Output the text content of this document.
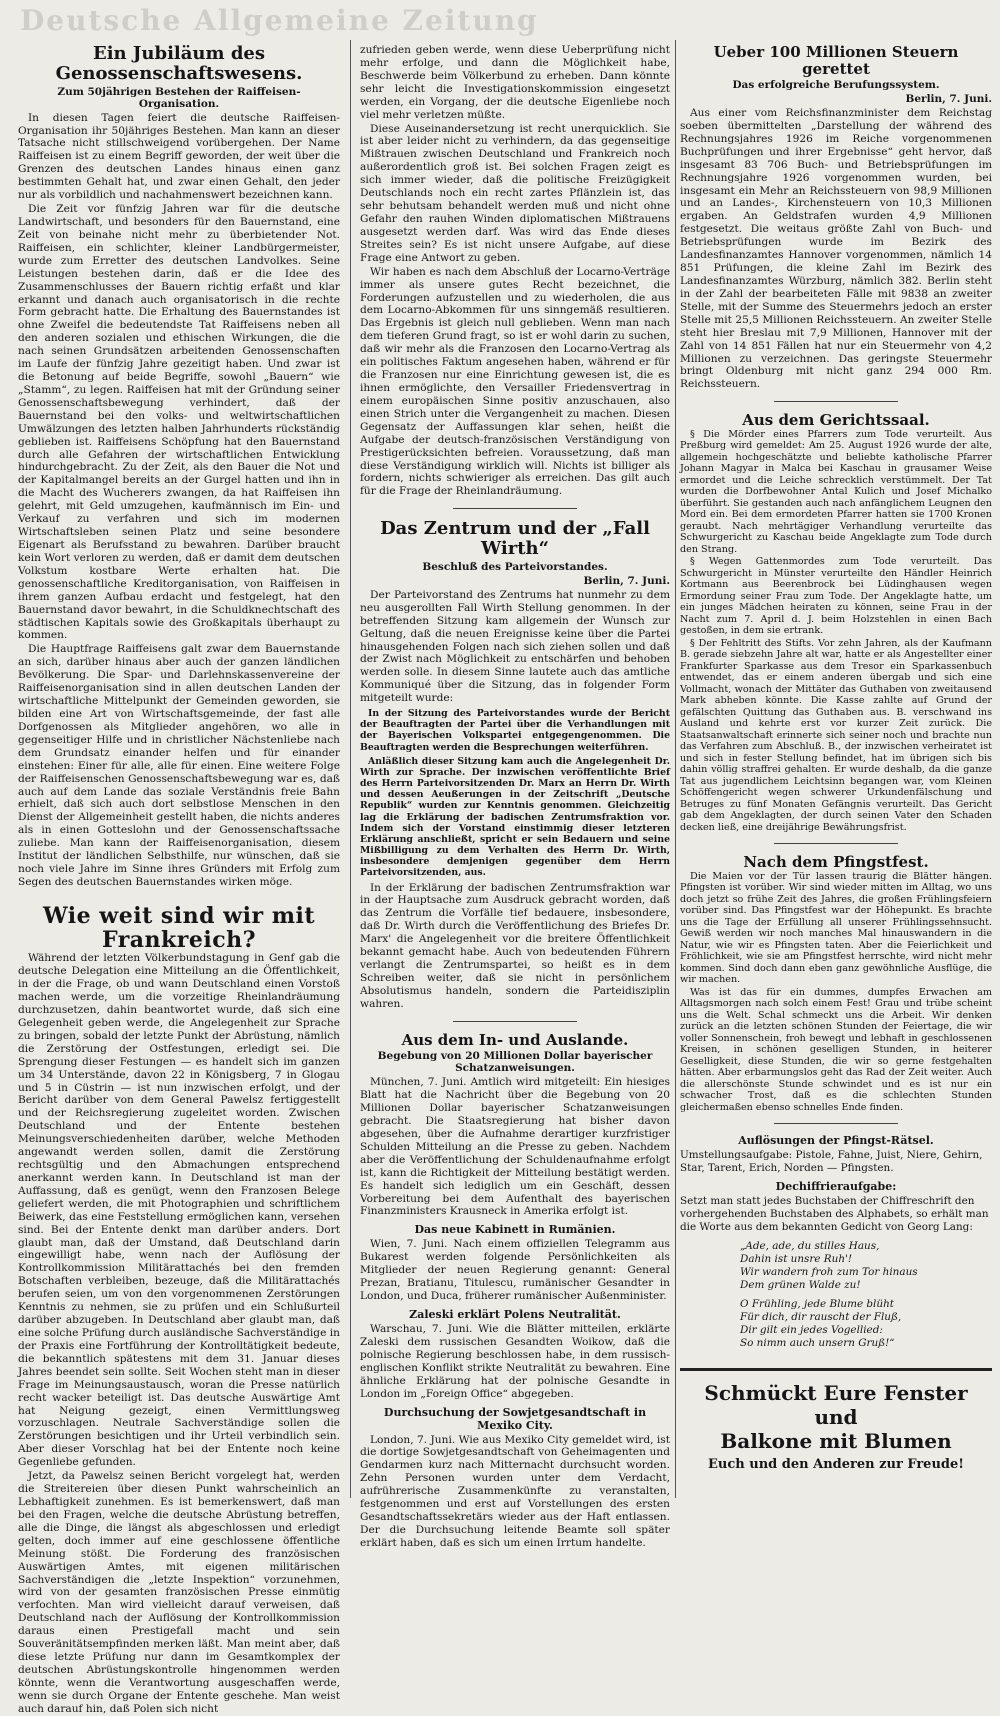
Deutsche Allgemeine Zeitung
Ein Jubiläum des Genossenschaftswesens.
Zum 50jährigen Bestehen der Raiffeisen-Organisation.

In diesen Tagen feiert die deutsche Raiffeisen-Organisation ihr 50jähriges Bestehen. Man kann an dieser Tatsache nicht stillschweigend vorübergehen. Der Name Raiffeisen ist zu einem Begriff geworden, der weit über die Grenzen des deutschen Landes hinaus einen ganz bestimmten Gehalt hat, und zwar einen Gehalt, den jeder nur als vorbildlich und nachahmenswert bezeichnen kann.

Die Zeit vor fünfzig Jahren war für die deutsche Landwirtschaft, und besonders für den Bauernstand, eine Zeit von beinahe nicht mehr zu überbietender Not. Raiffeisen, ein schlichter, kleiner Landbürgermeister, wurde zum Erretter des deutschen Landvolkes. Seine Leistungen bestehen darin, daß er die Idee des Zusammenschlusses der Bauern richtig erfaßt und klar erkannt und danach auch organisatorisch in die rechte Form gebracht hatte. Die Erhaltung des Bauernstandes ist ohne Zweifel die bedeutendste Tat Raiffeisens neben all den anderen sozialen und ethischen Wirkungen, die die nach seinen Grundsätzen arbeitenden Genossenschaften im Laufe der fünfzig Jahre gezeitigt haben. Und zwar ist die Betonung auf beide Begriffe, sowohl „Bauern“ wie „Stamm“, zu legen. Raiffeisen hat mit der Gründung seiner Genossenschaftsbewegung verhindert, daß der Bauernstand bei den volks- und weltwirtschaftlichen Umwälzungen des letzten halben Jahrhunderts rückständig geblieben ist. Raiffeisens Schöpfung hat den Bauernstand durch alle Gefahren der wirtschaftlichen Entwicklung hindurchgebracht. Zu der Zeit, als den Bauer die Not und der Kapitalmangel bereits an der Gurgel hatten und ihn in die Macht des Wucherers zwangen, da hat Raiffeisen ihn gelehrt, mit Geld umzugehen, kaufmännisch im Ein- und Verkauf zu verfahren und sich im modernen Wirtschaftsleben seinen Platz und seine besondere Eigenart als Berufsstand zu bewahren. Darüber braucht kein Wort verloren zu werden, daß er damit dem deutschen Volkstum kostbare Werte erhalten hat. Die genossenschaftliche Kreditorganisation, von Raiffeisen in ihrem ganzen Aufbau erdacht und festgelegt, hat den Bauernstand davor bewahrt, in die Schuldknechtschaft des städtischen Kapitals sowie des Großkapitals überhaupt zu kommen.

Die Hauptfrage Raiffeisens galt zwar dem Bauernstande an sich, darüber hinaus aber auch der ganzen ländlichen Bevölkerung. Die Spar- und Darlehnskassenvereine der Raiffeisenorganisation sind in allen deutschen Landen der wirtschaftliche Mittelpunkt der Gemeinden geworden, sie bilden eine Art von Wirtschaftsgemeinde, der fast alle Dorfgenossen als Mitglieder angehören, wo alle in gegenseitiger Hilfe und in christlicher Nächstenliebe nach dem Grundsatz einander helfen und für einander einstehen: Einer für alle, alle für einen. Eine weitere Folge der Raiffeisenschen Genossenschaftsbewegung war es, daß auch auf dem Lande das soziale Verständnis freie Bahn erhielt, daß sich auch dort selbstlose Menschen in den Dienst der Allgemeinheit gestellt haben, die nichts anderes als in einen Gotteslohn und der Genossenschaftssache zuliebe. Man kann der Raiffeisenorganisation, diesem Institut der ländlichen Selbsthilfe, nur wünschen, daß sie noch viele Jahre im Sinne ihres Gründers mit Erfolg zum Segen des deutschen Bauernstandes wirken möge.

Wie weit sind wir mit Frankreich?

Während der letzten Völkerbundstagung in Genf gab die deutsche Delegation eine Mitteilung an die Öffentlichkeit, in der die Frage, ob und wann Deutschland einen Vorstoß machen werde, um die vorzeitige Rheinlandräumung durchzusetzen, dahin beantwortet wurde, daß sich eine Gelegenheit geben werde, die Angelegenheit zur Sprache zu bringen, sobald der letzte Punkt der Abrüstung, nämlich die Zerstörung der Ostfestungen, erledigt sei. Die Sprengung dieser Festungen — es handelt sich im ganzen um 34 Unterstände, davon 22 in Königsberg, 7 in Glogau und 5 in Cüstrin — ist nun inzwischen erfolgt, und der Bericht darüber von dem General Pawelsz fertiggestellt und der Reichsregierung zugeleitet worden. Zwischen Deutschland und der Entente bestehen Meinungsverschiedenheiten darüber, welche Methoden angewandt werden sollen, damit die Zerstörung rechtsgültig und den Abmachungen entsprechend anerkannt werden kann. In Deutschland ist man der Auffassung, daß es genügt, wenn den Franzosen Belege geliefert werden, die mit Photographien und schriftlichem Beiwerk, das eine Feststellung ermöglichen kann, versehen sind. Bei der Entente denkt man darüber anders. Dort glaubt man, daß der Umstand, daß Deutschland darin eingewilligt habe, wenn nach der Auflösung der Kontrollkommission Militärattachés bei den fremden Botschaften verbleiben, bezeuge, daß die Militärattachés berufen seien, um von den vorgenommenen Zerstörungen Kenntnis zu nehmen, sie zu prüfen und ein Schlußurteil darüber abzugeben. In Deutschland aber glaubt man, daß eine solche Prüfung durch ausländische Sachverständige in der Praxis eine Fortführung der Kontrolltätigkeit bedeute, die bekanntlich spätestens mit dem 31. Januar dieses Jahres beendet sein sollte. Seit Wochen steht man in dieser Frage im Meinungsaustausch, woran die Presse natürlich recht wacker beteiligt ist. Das deutsche Auswärtige Amt hat Neigung gezeigt, einen Vermittlungsweg vorzuschlagen. Neutrale Sachverständige sollen die Zerstörungen besichtigen und ihr Urteil verbindlich sein. Aber dieser Vorschlag hat bei der Entente noch keine Gegenliebe gefunden.

Jetzt, da Pawelsz seinen Bericht vorgelegt hat, werden die Streitereien über diesen Punkt wahrscheinlich an Lebhaftigkeit zunehmen. Es ist bemerkenswert, daß man bei den Fragen, welche die deutsche Abrüstung betreffen, alle die Dinge, die längst als abgeschlossen und erledigt gelten, doch immer auf eine geschlossene öffentliche Meinung stößt. Die Forderung des französischen Auswärtigen Amtes, mit eigenen militärischen Sachverständigen die „letzte Inspektion“ vorzunehmen, wird von der gesamten französischen Presse einmütig verfochten. Man wird vielleicht darauf verweisen, daß Deutschland nach der Auflösung der Kontrollkommission daraus einen Prestigefall macht und sein Souveränitätsempfinden merken läßt. Man meint aber, daß diese letzte Prüfung nur dann im Gesamtkomplex der deutschen Abrüstungskontrolle hingenommen werden könnte, wenn die Verantwortung ausgeschaffen werde, wenn sie durch Organe der Entente geschehe. Man weist auch darauf hin, daß Polen sich nicht

zufrieden geben werde, wenn diese Ueberprüfung nicht mehr erfolge, und dann die Möglichkeit habe, Beschwerde beim Völkerbund zu erheben. Dann könnte sehr leicht die Investigationskommission eingesetzt werden, ein Vorgang, der die deutsche Eigenliebe noch viel mehr verletzen müßte.

Diese Auseinandersetzung ist recht unerquicklich. Sie ist aber leider nicht zu verhindern, da das gegenseitige Mißtrauen zwischen Deutschland und Frankreich noch außerordentlich groß ist. Bei solchen Fragen zeigt es sich immer wieder, daß die politische Freizügigkeit Deutschlands noch ein recht zartes Pflänzlein ist, das sehr behutsam behandelt werden muß und nicht ohne Gefahr den rauhen Winden diplomatischen Mißtrauens ausgesetzt werden darf. Was wird das Ende dieses Streites sein? Es ist nicht unsere Aufgabe, auf diese Frage eine Antwort zu geben.

Wir haben es nach dem Abschluß der Locarno-Verträge immer als unsere gutes Recht bezeichnet, die Forderungen aufzustellen und zu wiederholen, die aus dem Locarno-Abkommen für uns sinngemäß resultieren. Das Ergebnis ist gleich null geblieben. Wenn man nach dem tieferen Grund fragt, so ist er wohl darin zu suchen, daß wir mehr als die Franzosen den Locarno-Vertrag als ein politisches Faktum angesehen haben, während er für die Franzosen nur eine Einrichtung gewesen ist, die es ihnen ermöglichte, den Versailler Friedensvertrag in einem europäischen Sinne positiv anzuschauen, also einen Strich unter die Vergangenheit zu machen. Diesen Gegensatz der Auffassungen klar sehen, heißt die Aufgabe der deutsch-französischen Verständigung von Prestigerücksichten befreien. Voraussetzung, daß man diese Verständigung wirklich will. Nichts ist billiger als fordern, nichts schwieriger als erreichen. Das gilt auch für die Frage der Rheinlandräumung.

Das Zentrum und der „Fall Wirth“
Beschluß des Parteivorstandes.
Berlin, 7. Juni.

Der Parteivorstand des Zentrums hat nunmehr zu dem neu ausgerollten Fall Wirth Stellung genommen. In der betreffenden Sitzung kam allgemein der Wunsch zur Geltung, daß die neuen Ereignisse keine über die Partei hinausgehenden Folgen nach sich ziehen sollen und daß der Zwist nach Möglichkeit zu entschärfen und behoben werden solle. In diesem Sinne lautete auch das amtliche Kommuniqué über die Sitzung, das in folgender Form mitgeteilt wurde:

In der Sitzung des Parteivorstandes wurde der Bericht der Beauftragten der Partei über die Verhandlungen mit der Bayerischen Volkspartei entgegengenommen. Die Beauftragten werden die Besprechungen weiterführen.
Anläßlich dieser Sitzung kam auch die Angelegenheit Dr. Wirth zur Sprache. Der inzwischen veröffentlichte Brief des Herrn Parteivorsitzenden Dr. Marx an Herrn Dr. Wirth und dessen Aeußerungen in der Zeitschrift „Deutsche Republik“ wurden zur Kenntnis genommen. Gleichzeitig lag die Erklärung der badischen Zentrumsfraktion vor. Indem sich der Vorstand einstimmig dieser letzteren Erklärung anschließt, spricht er sein Bedauern und seine Mißbilligung zu dem Verhalten des Herrn Dr. Wirth, insbesondere demjenigen gegenüber dem Herrn Parteivorsitzenden, aus.

In der Erklärung der badischen Zentrumsfraktion war in der Hauptsache zum Ausdruck gebracht worden, daß das Zentrum die Vorfälle tief bedauere, insbesondere, daß Dr. Wirth durch die Veröffentlichung des Briefes Dr. Marx' die Angelegenheit vor die breitere Öffentlichkeit bekannt gemacht habe. Auch von bedeutenden Führern verlangt die Zentrumspartei, so heißt es in dem Schreiben weiter, daß sie nicht in persönlichem Absolutismus handeln, sondern die Parteidisziplin wahren.

Aus dem In- und Auslande.
Begebung von 20 Millionen Dollar bayerischer Schatzanweisungen.

München, 7. Juni. Amtlich wird mitgeteilt: Ein hiesiges Blatt hat die Nachricht über die Begebung von 20 Millionen Dollar bayerischer Schatzanweisungen gebracht. Die Staatsregierung hat bisher davon abgesehen, über die Aufnahme derartiger kurzfristiger Schulden Mitteilung an die Presse zu geben. Nachdem aber die Veröffentlichung der Schuldenaufnahme erfolgt ist, kann die Richtigkeit der Mitteilung bestätigt werden. Es handelt sich lediglich um ein Geschäft, dessen Vorbereitung bei dem Aufenthalt des bayerischen Finanzministers Krausneck in Amerika erfolgt ist.

Das neue Kabinett in Rumänien.

Wien, 7. Juni. Nach einem offiziellen Telegramm aus Bukarest werden folgende Persönlichkeiten als Mitglieder der neuen Regierung genannt: General Prezan, Bratianu, Titulescu, rumänischer Gesandter in London, und Duca, früherer rumänischer Außenminister.

Zaleski erklärt Polens Neutralität.

Warschau, 7. Juni. Wie die Blätter mitteilen, erklärte Zaleski dem russischen Gesandten Woikow, daß die polnische Regierung beschlossen habe, in dem russisch-englischen Konflikt strikte Neutralität zu bewahren. Eine ähnliche Erklärung hat der polnische Gesandte in London im „Foreign Office“ abgegeben.

Durchsuchung der Sowjetgesandtschaft in Mexiko City.

London, 7. Juni. Wie aus Mexiko City gemeldet wird, ist die dortige Sowjetgesandtschaft von Geheimagenten und Gendarmen kurz nach Mitternacht durchsucht worden. Zehn Personen wurden unter dem Verdacht, aufrührerische Zusammenkünfte zu veranstalten, festgenommen und erst auf Vorstellungen des ersten Gesandtschaftssekretärs wieder aus der Haft entlassen. Der die Durchsuchung leitende Beamte soll später erklärt haben, daß es sich um einen Irrtum handelte.

Ueber 100 Millionen Steuern gerettet
Das erfolgreiche Berufungssystem.
Berlin, 7. Juni.

Aus einer vom Reichsfinanzminister dem Reichstag soeben übermittelten „Darstellung der während des Rechnungsjahres 1926 im Reiche vorgenommenen Buchprüfungen und ihrer Ergebnisse“ geht hervor, daß insgesamt 83 706 Buch- und Betriebsprüfungen im Rechnungsjahre 1926 vorgenommen wurden, bei insgesamt ein Mehr an Reichssteuern von 98,9 Millionen und an Landes-, Kirchensteuern von 10,3 Millionen ergaben. An Geldstrafen wurden 4,9 Millionen festgesetzt. Die weitaus größte Zahl von Buch- und Betriebsprüfungen wurde im Bezirk des Landesfinanzamtes Hannover vorgenommen, nämlich 14 851 Prüfungen, die kleine Zahl im Bezirk des Landesfinanzamtes Würzburg, nämlich 382. Berlin steht in der Zahl der bearbeiteten Fälle mit 9838 an zweiter Stelle, mit der Summe des Steuermehrs jedoch an erster Stelle mit 25,5 Millionen Reichssteuern. An zweiter Stelle steht hier Breslau mit 7,9 Millionen, Hannover mit der Zahl von 14 851 Fällen hat nur ein Steuermehr von 4,2 Millionen zu verzeichnen. Das geringste Steuermehr bringt Oldenburg mit nicht ganz 294 000 Rm. Reichssteuern.

Aus dem Gerichtssaal.

§ Die Mörder eines Pfarrers zum Tode verurteilt. Aus Preßburg wird gemeldet: Am 25. August 1926 wurde der alte, allgemein hochgeschätzte und beliebte katholische Pfarrer Johann Magyar in Malca bei Kaschau in grausamer Weise ermordet und die Leiche schrecklich verstümmelt. Der Tat wurden die Dorfbewohner Antal Kulich und Josef Michalko überführt. Sie gestanden auch nach anfänglichem Leugnen den Mord ein. Bei dem ermordeten Pfarrer hatten sie 1700 Kronen geraubt. Nach mehrtägiger Verhandlung verurteilte das Schwurgericht zu Kaschau beide Angeklagte zum Tode durch den Strang.

§ Wegen Gattenmordes zum Tode verurteilt. Das Schwurgericht in Münster verurteilte den Händler Heinrich Kortmann aus Beerenbrock bei Lüdinghausen wegen Ermordung seiner Frau zum Tode. Der Angeklagte hatte, um ein junges Mädchen heiraten zu können, seine Frau in der Nacht zum 7. April d. J. beim Holzstehlen in einen Bach gestoßen, in dem sie ertrank.

§ Der Fehltritt des Stifts. Vor zehn Jahren, als der Kaufmann B. gerade siebzehn Jahre alt war, hatte er als Angestellter einer Frankfurter Sparkasse aus dem Tresor ein Sparkassenbuch entwendet, das er einem anderen übergab und sich eine Vollmacht, wonach der Mittäter das Guthaben von zweitausend Mark abheben könnte. Die Kasse zahlte auf Grund der gefälschten Quittung das Guthaben aus. B. verschwand ins Ausland und kehrte erst vor kurzer Zeit zurück. Die Staatsanwaltschaft erinnerte sich seiner noch und brachte nun das Verfahren zum Abschluß. B., der inzwischen verheiratet ist und sich in fester Stellung befindet, hat im übrigen sich bis dahin völlig straffrei gehalten. Er wurde deshalb, da die ganze Tat aus jugendlichem Leichtsinn begangen war, vom Kleinen Schöffengericht wegen schwerer Urkundenfälschung und Betruges zu fünf Monaten Gefängnis verurteilt. Das Gericht gab dem Angeklagten, der durch seinen Vater den Schaden decken ließ, eine dreijährige Bewährungsfrist.

Nach dem Pfingstfest.

Die Maien vor der Tür lassen traurig die Blätter hängen. Pfingsten ist vorüber. Wir sind wieder mitten im Alltag, wo uns doch jetzt so frühe Zeit des Jahres, die großen Frühlingsfeiern vorüber sind. Das Pfingstfest war der Höhepunkt. Es brachte uns die Tage der Erfüllung all unserer Frühlingssehnsucht. Gewiß werden wir noch manches Mal hinauswandern in die Natur, wie wir es Pfingsten taten. Aber die Feierlichkeit und Fröhlichkeit, wie sie am Pfingstfest herrschte, wird nicht mehr kommen. Sind doch dann eben ganz gewöhnliche Ausflüge, die wir machen.

Was ist das für ein dummes, dumpfes Erwachen am Alltagsmorgen nach solch einem Fest! Grau und trübe scheint uns die Welt. Schal schmeckt uns die Arbeit. Wir denken zurück an die letzten schönen Stunden der Feiertage, die wir voller Sonnenschein, froh bewegt und lebhaft in geschlossenen Kreisen, in schönen geselligen Stunden, in heiterer Geselligkeit, diese Stunden, die wir so gerne festgehalten hätten. Aber erbarmungslos geht das Rad der Zeit weiter. Auch die allerschönste Stunde schwindet und es ist nur ein schwacher Trost, daß es die schlechten Stunden gleichermaßen ebenso schnelles Ende finden.

Auflösungen der Pfingst-Rätsel.
Umstellungsaufgabe: Pistole, Fahne, Juist, Niere, Gehirn, Star, Tarent, Erich, Norden — Pfingsten.
Dechiffrieraufgabe:
Setzt man statt jedes Buchstaben der Chiffreschrift den vorhergehenden Buchstaben des Alphabets, so erhält man die Worte aus dem bekannten Gedicht von Georg Lang:
„Ade, ade, du stilles Haus,
Dahin ist unsre Ruh'!
Wir wandern froh zum Tor hinaus
Dem grünen Walde zu!
O Frühling, jede Blume blüht
Für dich, dir rauscht der Fluß,
Dir gilt ein jedes Vogellied:
So nimm auch unsern Gruß!“
Schmückt Eure Fenster und
Balkone mit Blumen
Euch und den Anderen zur Freude!
